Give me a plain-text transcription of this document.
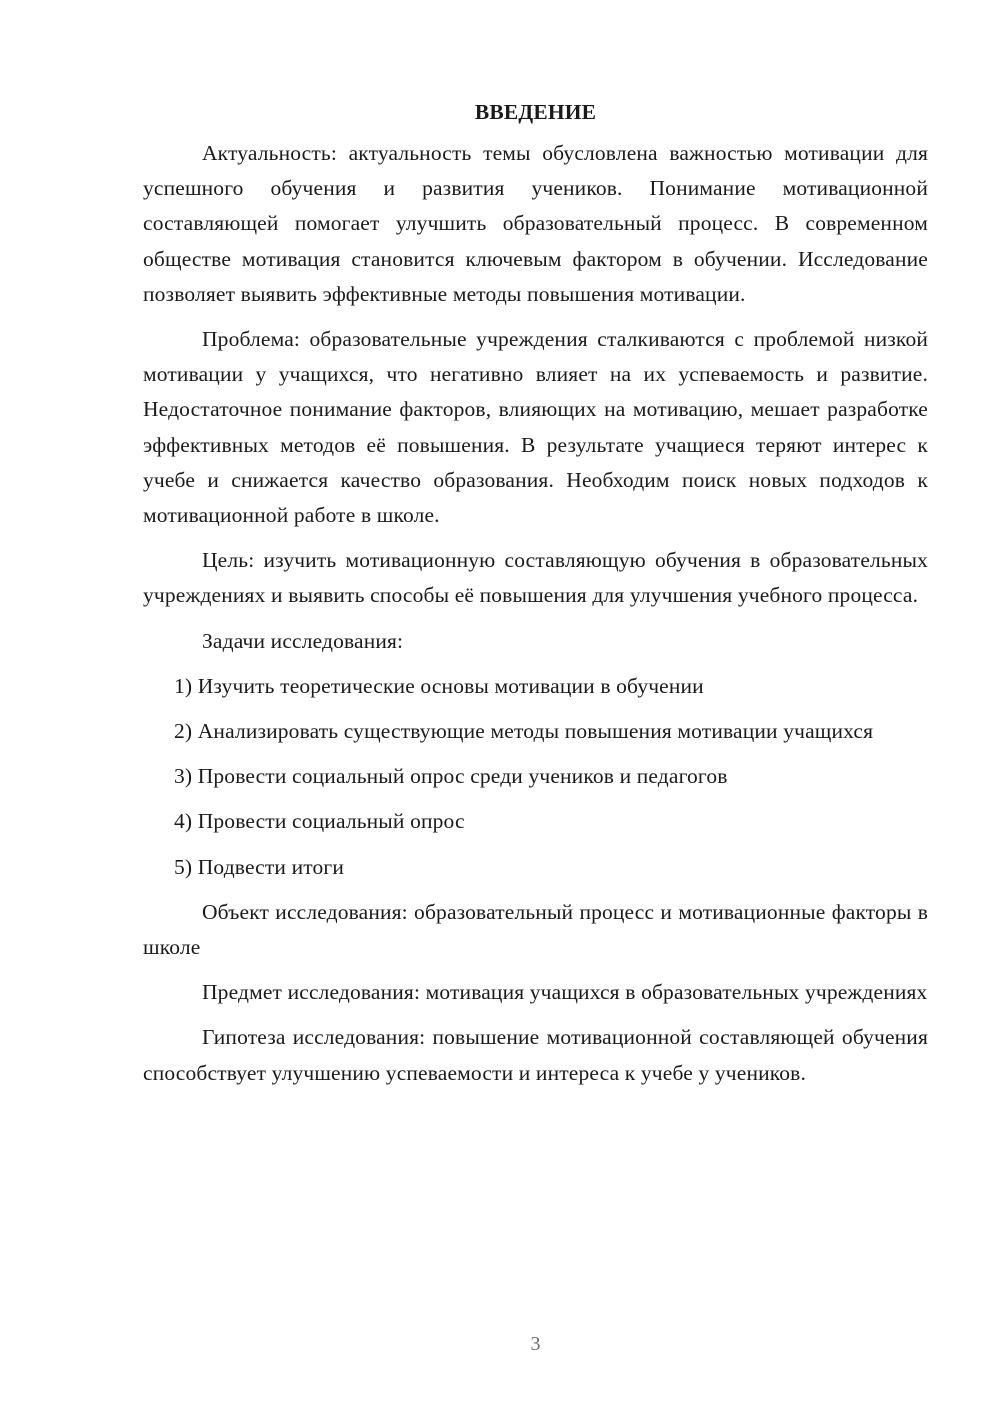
ВВЕДЕНИЕ

Актуальность: актуальность темы обусловлена важностью мотивации для успешного обучения и развития учеников. Понимание мотивационной составляющей помогает улучшить образовательный процесс. В современном обществе мотивация становится ключевым фактором в обучении. Исследование позволяет выявить эффективные методы повышения мотивации.

Проблема: образовательные учреждения сталкиваются с проблемой низкой мотивации у учащихся, что негативно влияет на их успеваемость и развитие. Недостаточное понимание факторов, влияющих на мотивацию, мешает разработке эффективных методов её повышения. В результате учащиеся теряют интерес к учебе и снижается качество образования. Необходим поиск новых подходов к мотивационной работе в школе.

Цель: изучить мотивационную составляющую обучения в образовательных учреждениях и выявить способы её повышения для улучшения учебного процесса.

Задачи исследования:

1) Изучить теоретические основы мотивации в обучении

2) Анализировать существующие методы повышения мотивации учащихся

3) Провести социальный опрос среди учеников и педагогов

4) Провести социальный опрос

5) Подвести итоги

Объект исследования: образовательный процесс и мотивационные факторы в школе

Предмет исследования: мотивация учащихся в образовательных учреждениях

Гипотеза исследования: повышение мотивационной составляющей обучения способствует улучшению успеваемости и интереса к учебе у учеников.

3
